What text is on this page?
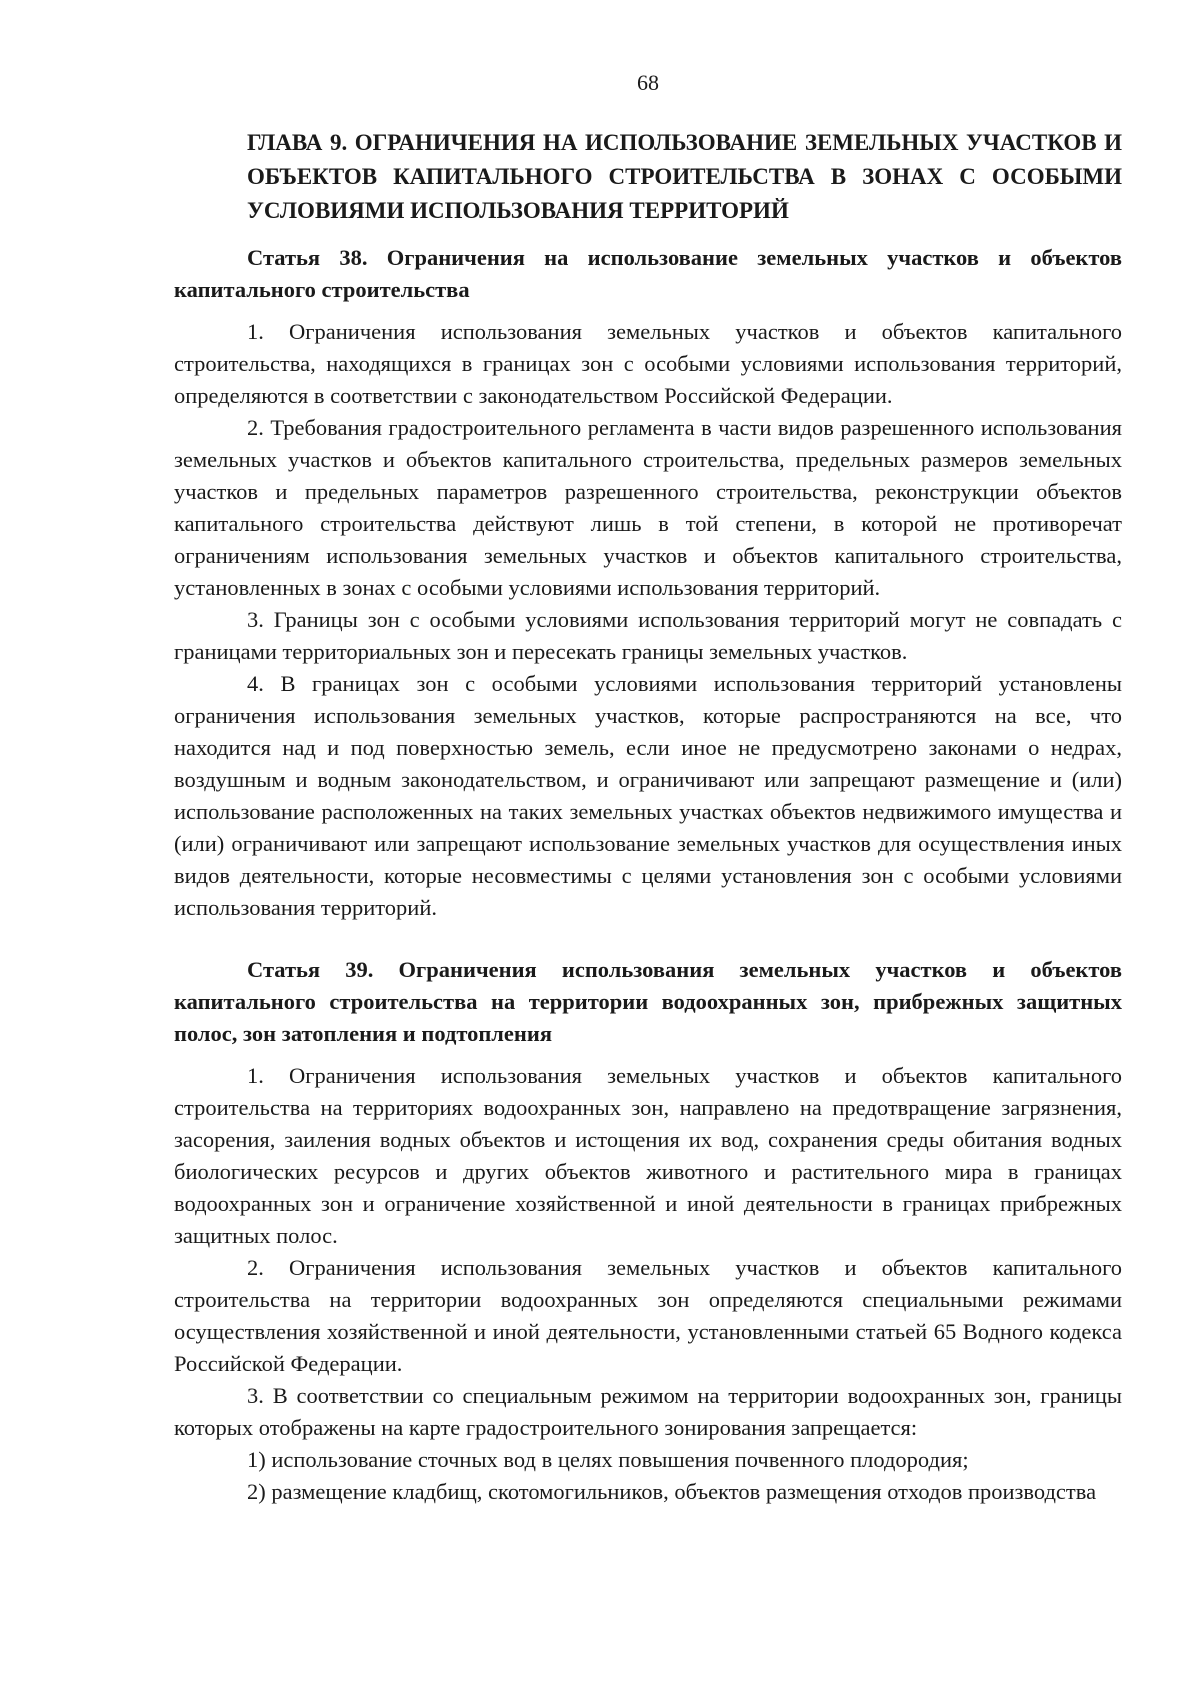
68
ГЛАВА 9. ОГРАНИЧЕНИЯ НА ИСПОЛЬЗОВАНИЕ ЗЕМЕЛЬНЫХ УЧАСТКОВ И ОБЪЕКТОВ КАПИТАЛЬНОГО СТРОИТЕЛЬСТВА В ЗОНАХ С ОСОБЫМИ УСЛОВИЯМИ ИСПОЛЬЗОВАНИЯ ТЕРРИТОРИЙ
Статья 38. Ограничения на использование земельных участков и объектов капитального строительства

1. Ограничения использования земельных участков и объектов капитального строительства, находящихся в границах зон с особыми условиями использования территорий, определяются в соответствии с законодательством Российской Федерации.

2. Требования градостроительного регламента в части видов разрешенного использования земельных участков и объектов капитального строительства, предельных размеров земельных участков и предельных параметров разрешенного строительства, реконструкции объектов капитального строительства действуют лишь в той степени, в которой не противоречат ограничениям использования земельных участков и объектов капитального строительства, установленных в зонах с особыми условиями использования территорий.

3. Границы зон с особыми условиями использования территорий могут не совпадать с границами территориальных зон и пересекать границы земельных участков.

4. В границах зон с особыми условиями использования территорий установлены ограничения использования земельных участков, которые распространяются на все, что находится над и под поверхностью земель, если иное не предусмотрено законами о недрах, воздушным и водным законодательством, и ограничивают или запрещают размещение и (или) использование расположенных на таких земельных участках объектов недвижимого имущества и (или) ограничивают или запрещают использование земельных участков для осуществления иных видов деятельности, которые несовместимы с целями установления зон с особыми условиями использования территорий.

Статья 39. Ограничения использования земельных участков и объектов капитального строительства на территории водоохранных зон, прибрежных защитных полос, зон затопления и подтопления

1. Ограничения использования земельных участков и объектов капитального строительства на территориях водоохранных зон, направлено на предотвращение загрязнения, засорения, заиления водных объектов и истощения их вод, сохранения среды обитания водных биологических ресурсов и других объектов животного и растительного мира в границах водоохранных зон и ограничение хозяйственной и иной деятельности в границах прибрежных защитных полос.

2. Ограничения использования земельных участков и объектов капитального строительства на территории водоохранных зон определяются специальными режимами осуществления хозяйственной и иной деятельности, установленными статьей 65 Водного кодекса Российской Федерации.

3. В соответствии со специальным режимом на территории водоохранных зон, границы которых отображены на карте градостроительного зонирования запрещается:

1) использование сточных вод в целях повышения почвенного плодородия;

2) размещение кладбищ, скотомогильников, объектов размещения отходов производства
